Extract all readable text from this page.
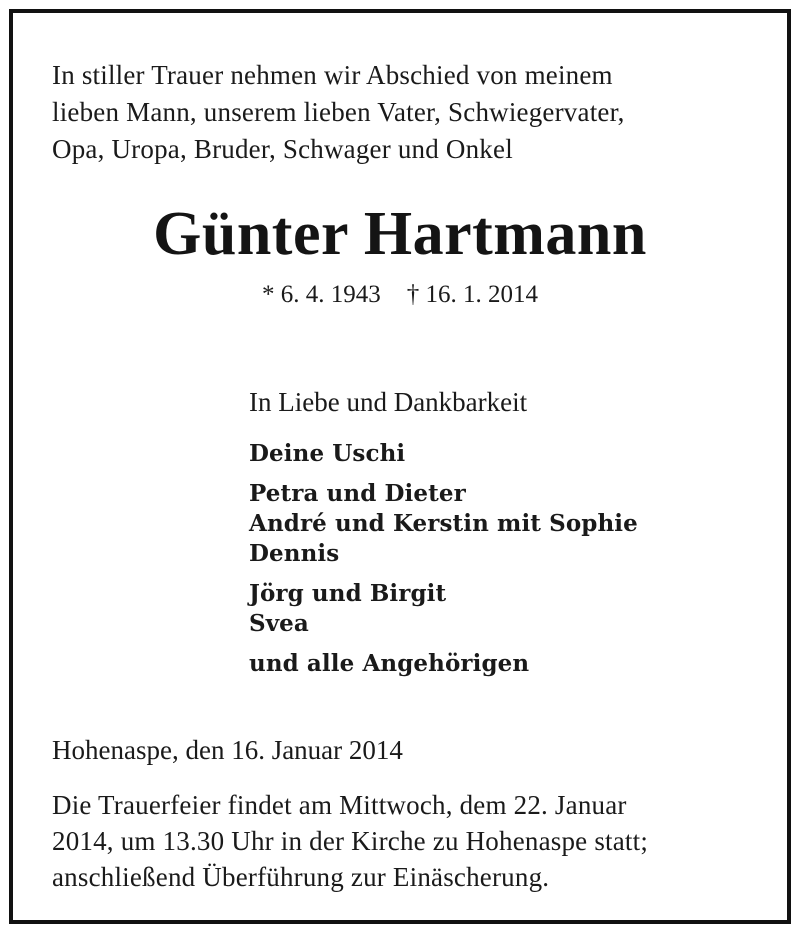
In stiller Trauer nehmen wir Abschied von meinem
lieben Mann, unserem lieben Vater, Schwiegervater,
Opa, Uropa, Bruder, Schwager und Onkel

Günter Hartmann
* 6. 4. 1943 † 16. 1. 2014

In Liebe und Dankbarkeit

Deine Uschi
Petra und Dieter
André und Kerstin mit Sophie
Dennis
Jörg und Birgit
Svea
und alle Angehörigen

Hohenaspe, den 16. Januar 2014

Die Trauerfeier findet am Mittwoch, dem 22. Januar
2014, um 13.30 Uhr in der Kirche zu Hohenaspe statt;
anschließend Überführung zur Einäscherung.
